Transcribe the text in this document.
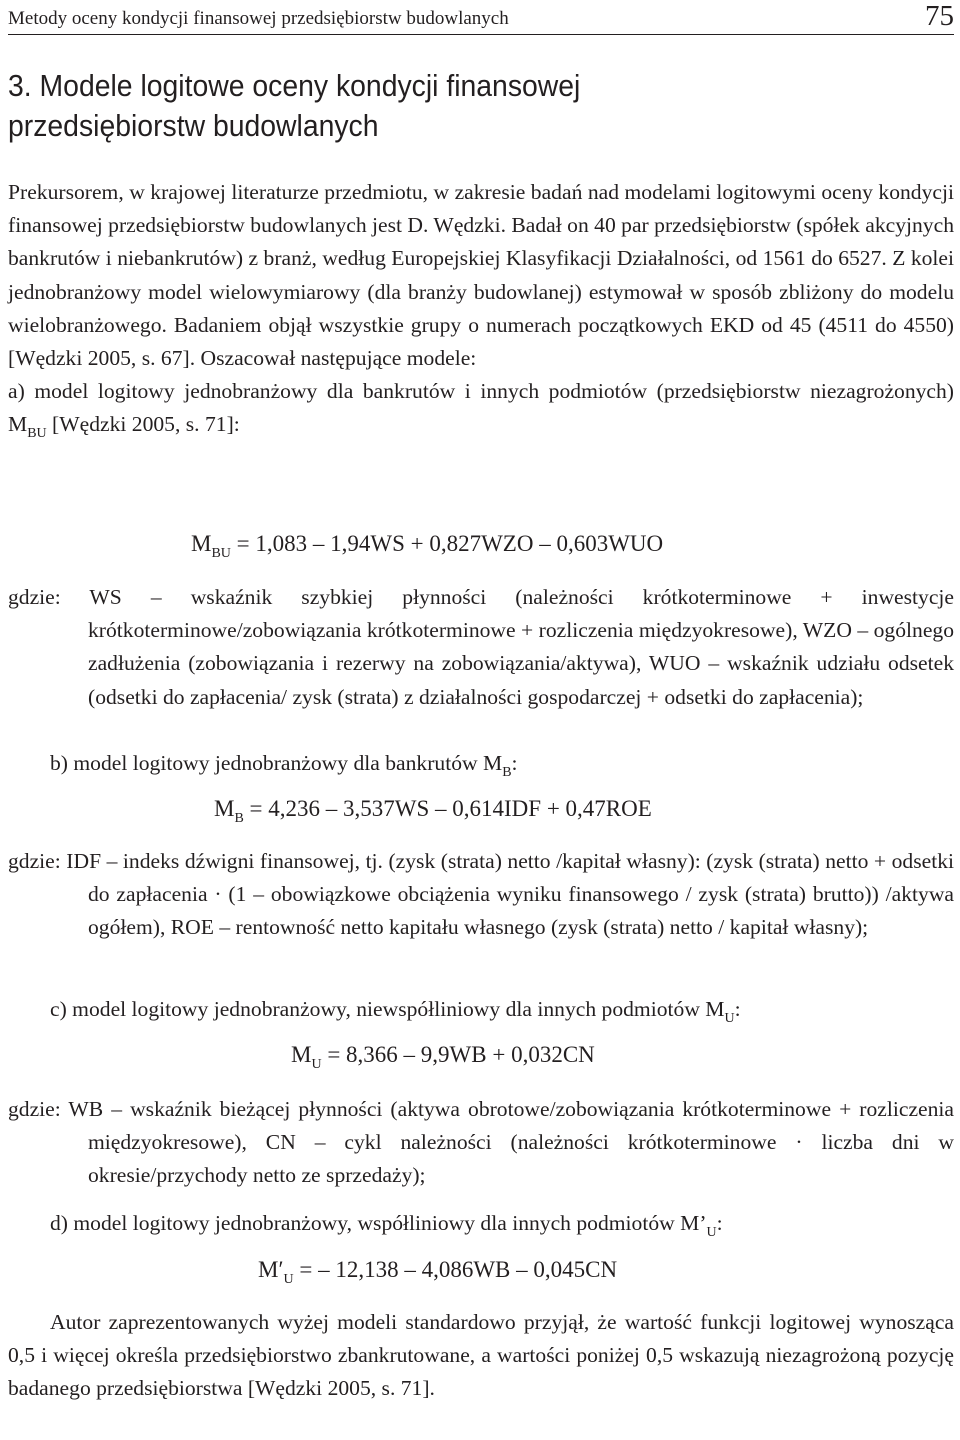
Metody oceny kondycji finansowej przedsiębiorstw budowlanych	75
3. Modele logitowe oceny kondycji finansowej
przedsiębiorstw budowlanych

Prekursorem, w krajowej literaturze przedmiotu, w zakresie badań nad modelami logitowymi oceny kondycji finansowej przedsiębiorstw budowlanych jest D. Wędzki. Badał on 40 par przedsiębiorstw (spółek akcyjnych bankrutów i niebankrutów) z branż, według Europejskiej Klasyfikacji Działalności, od 1561 do 6527. Z kolei jednobranżowy model wielowymiarowy (dla branży budowlanej) estymował w sposób zbliżony do modelu wielobranżowego. Badaniem objął wszystkie grupy o numerach początkowych EKD od 45 (4511 do 4550) [Wędzki 2005, s. 67]. Oszacował następujące modele:

a) model logitowy jednobranżowy dla bankrutów i innych podmiotów (przedsiębiorstw niezagrożonych) $M_{BU}$ [Wędzki 2005, s. 71]:

$M_{BU} = 1,083 - 1,94WS + 0,827WZO - 0,603WUO$

gdzie: WS – wskaźnik szybkiej płynności (należności krótkoterminowe + inwestycje krótkoterminowe/zobowiązania krótkoterminowe + rozliczenia międzyokresowe), WZO – ogólnego zadłużenia (zobowiązania i rezerwy na zobowiązania/aktywa), WUO – wskaźnik udziału odsetek (odsetki do zapłacenia/ zysk (strata) z działalności gospodarczej + odsetki do zapłacenia);

b) model logitowy jednobranżowy dla bankrutów $M_B$:
$M_B = 4,236 - 3,537WS - 0,614IDF + 0,47ROE$

gdzie: IDF – indeks dźwigni finansowej, tj. (zysk (strata) netto /kapitał własny): (zysk (strata) netto + odsetki do zapłacenia · (1 – obowiązkowe obciążenia wyniku finansowego / zysk (strata) brutto)) /aktywa ogółem), ROE – rentowność netto kapitału własnego (zysk (strata) netto / kapitał własny);

c) model logitowy jednobranżowy, niewspółliniowy dla innych podmiotów $M_U$:
$M_U = 8,366 - 9,9WB + 0,032CN$

gdzie: WB – wskaźnik bieżącej płynności (aktywa obrotowe/zobowiązania krótkoterminowe + rozliczenia międzyokresowe), CN – cykl należności (należności krótkoterminowe · liczba dni w okresie/przychody netto ze sprzedaży);

d) model logitowy jednobranżowy, współliniowy dla innych podmiotów $M’_U$:
$M'_U$ = – 12,138 – 4,086WB – 0,045CN

Autor zaprezentowanych wyżej modeli standardowo przyjął, że wartość funkcji logitowej wynosząca 0,5 i więcej określa przedsiębiorstwo zbankrutowane, a wartości poniżej 0,5 wskazują niezagrożoną pozycję badanego przedsiębiorstwa [Wędzki 2005, s. 71].
